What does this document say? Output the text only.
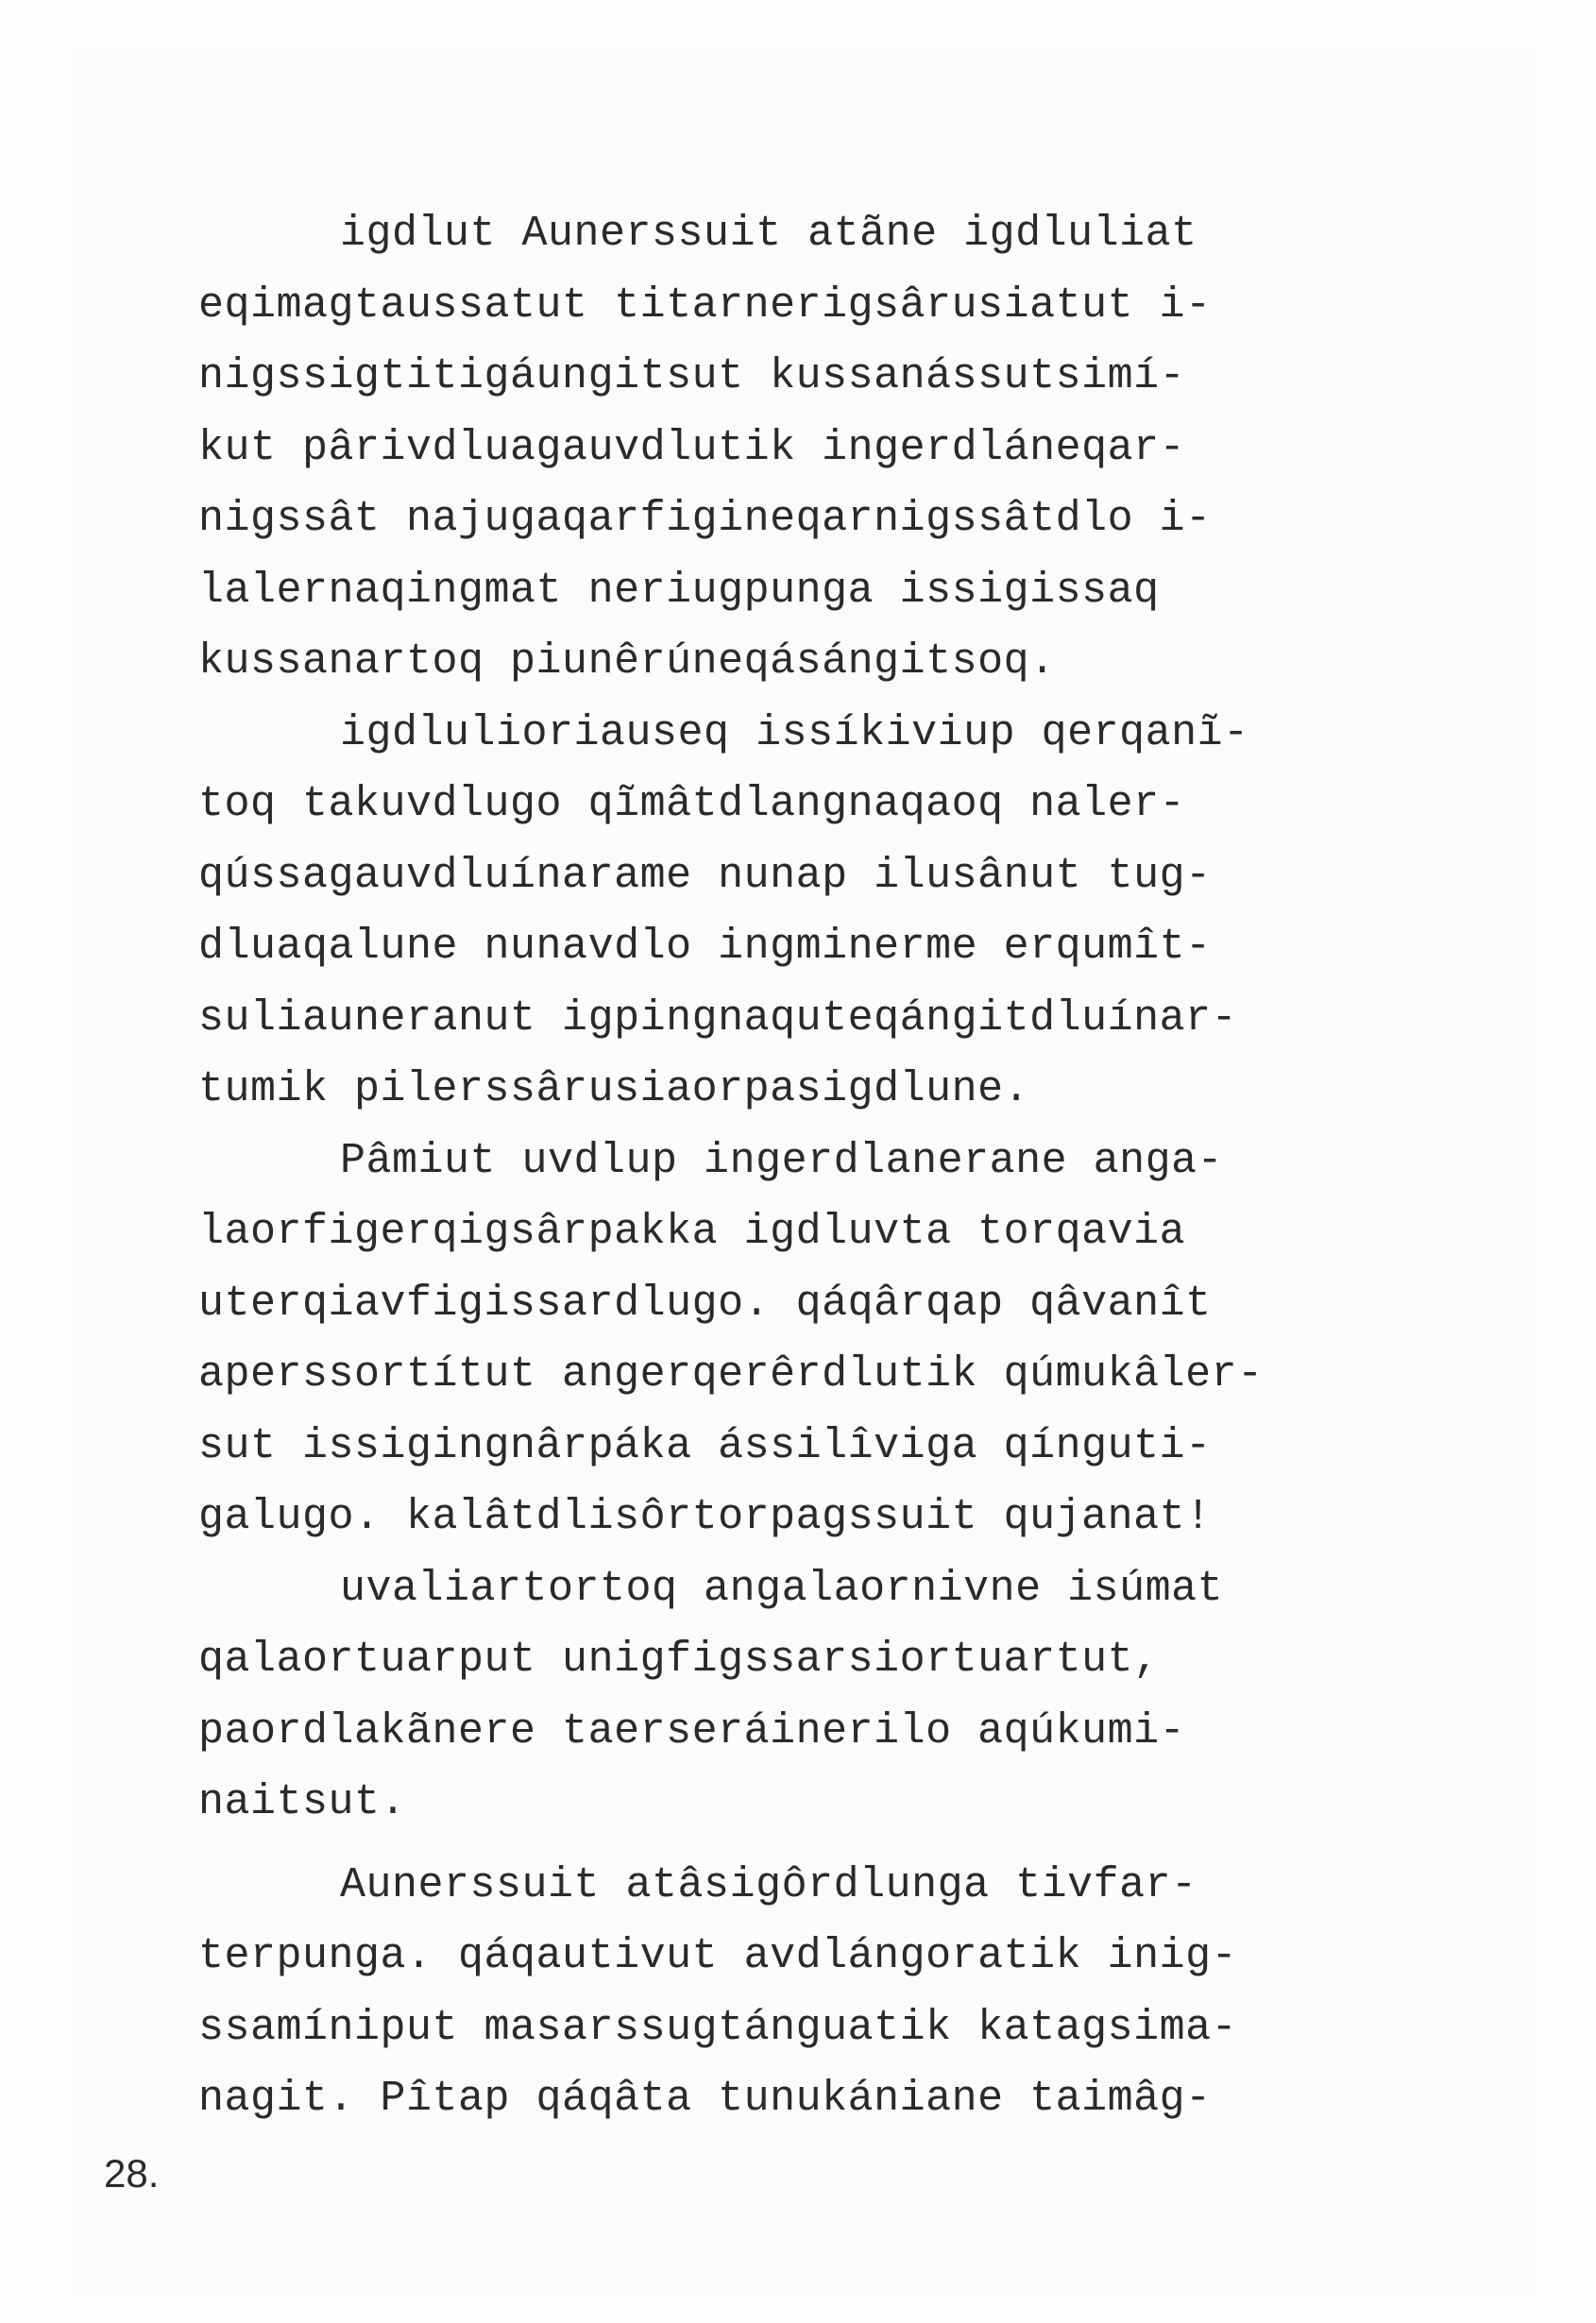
igdlut Aunerssuit atãne igdluliat
eqimagtaussatut titarnerigsârusiatut i-
nigssigtitigáungitsut kussanássutsimí-
kut pârivdluagauvdlutik ingerdláneqar-
nigssât najugaqarfigineqarnigssâtdlo i-
lalernaqingmat neriugpunga issigissaq
kussanartoq piunêrúneqásángitsoq.
igdlulioriauseq issíkiviup qerqanĩ-
toq takuvdlugo qĩmâtdlangnaqaoq naler-
qússagauvdluínarame nunap ilusânut tug-
dluaqalune nunavdlo ingminerme erqumît-
suliauneranut igpingnaquteqángitdluínar-
tumik pilerssârusiaorpasigdlune.
Pâmiut uvdlup ingerdlanerane anga-
laorfigerqigsârpakka igdluvta torqavia
uterqiavfigissardlugo. qáqârqap qâvanît
aperssortítut angerqerêrdlutik qúmukâler-
sut issigingnârpáka ássilîviga qínguti-
galugo. kalâtdlisôrtorpagssuit qujanat!
uvaliartortoq angalaornivne isúmat
qalaortuarput unigfigssarsiortuartut,
paordlakãnere taerseráinerilo aqúkumi-
naitsut.
Aunerssuit atâsigôrdlunga tivfar-
terpunga. qáqautivut avdlángoratik inig-
ssamíniput masarssugtánguatik katagsima-
nagit. Pîtap qáqâta tunukániane taimâg-
28.
